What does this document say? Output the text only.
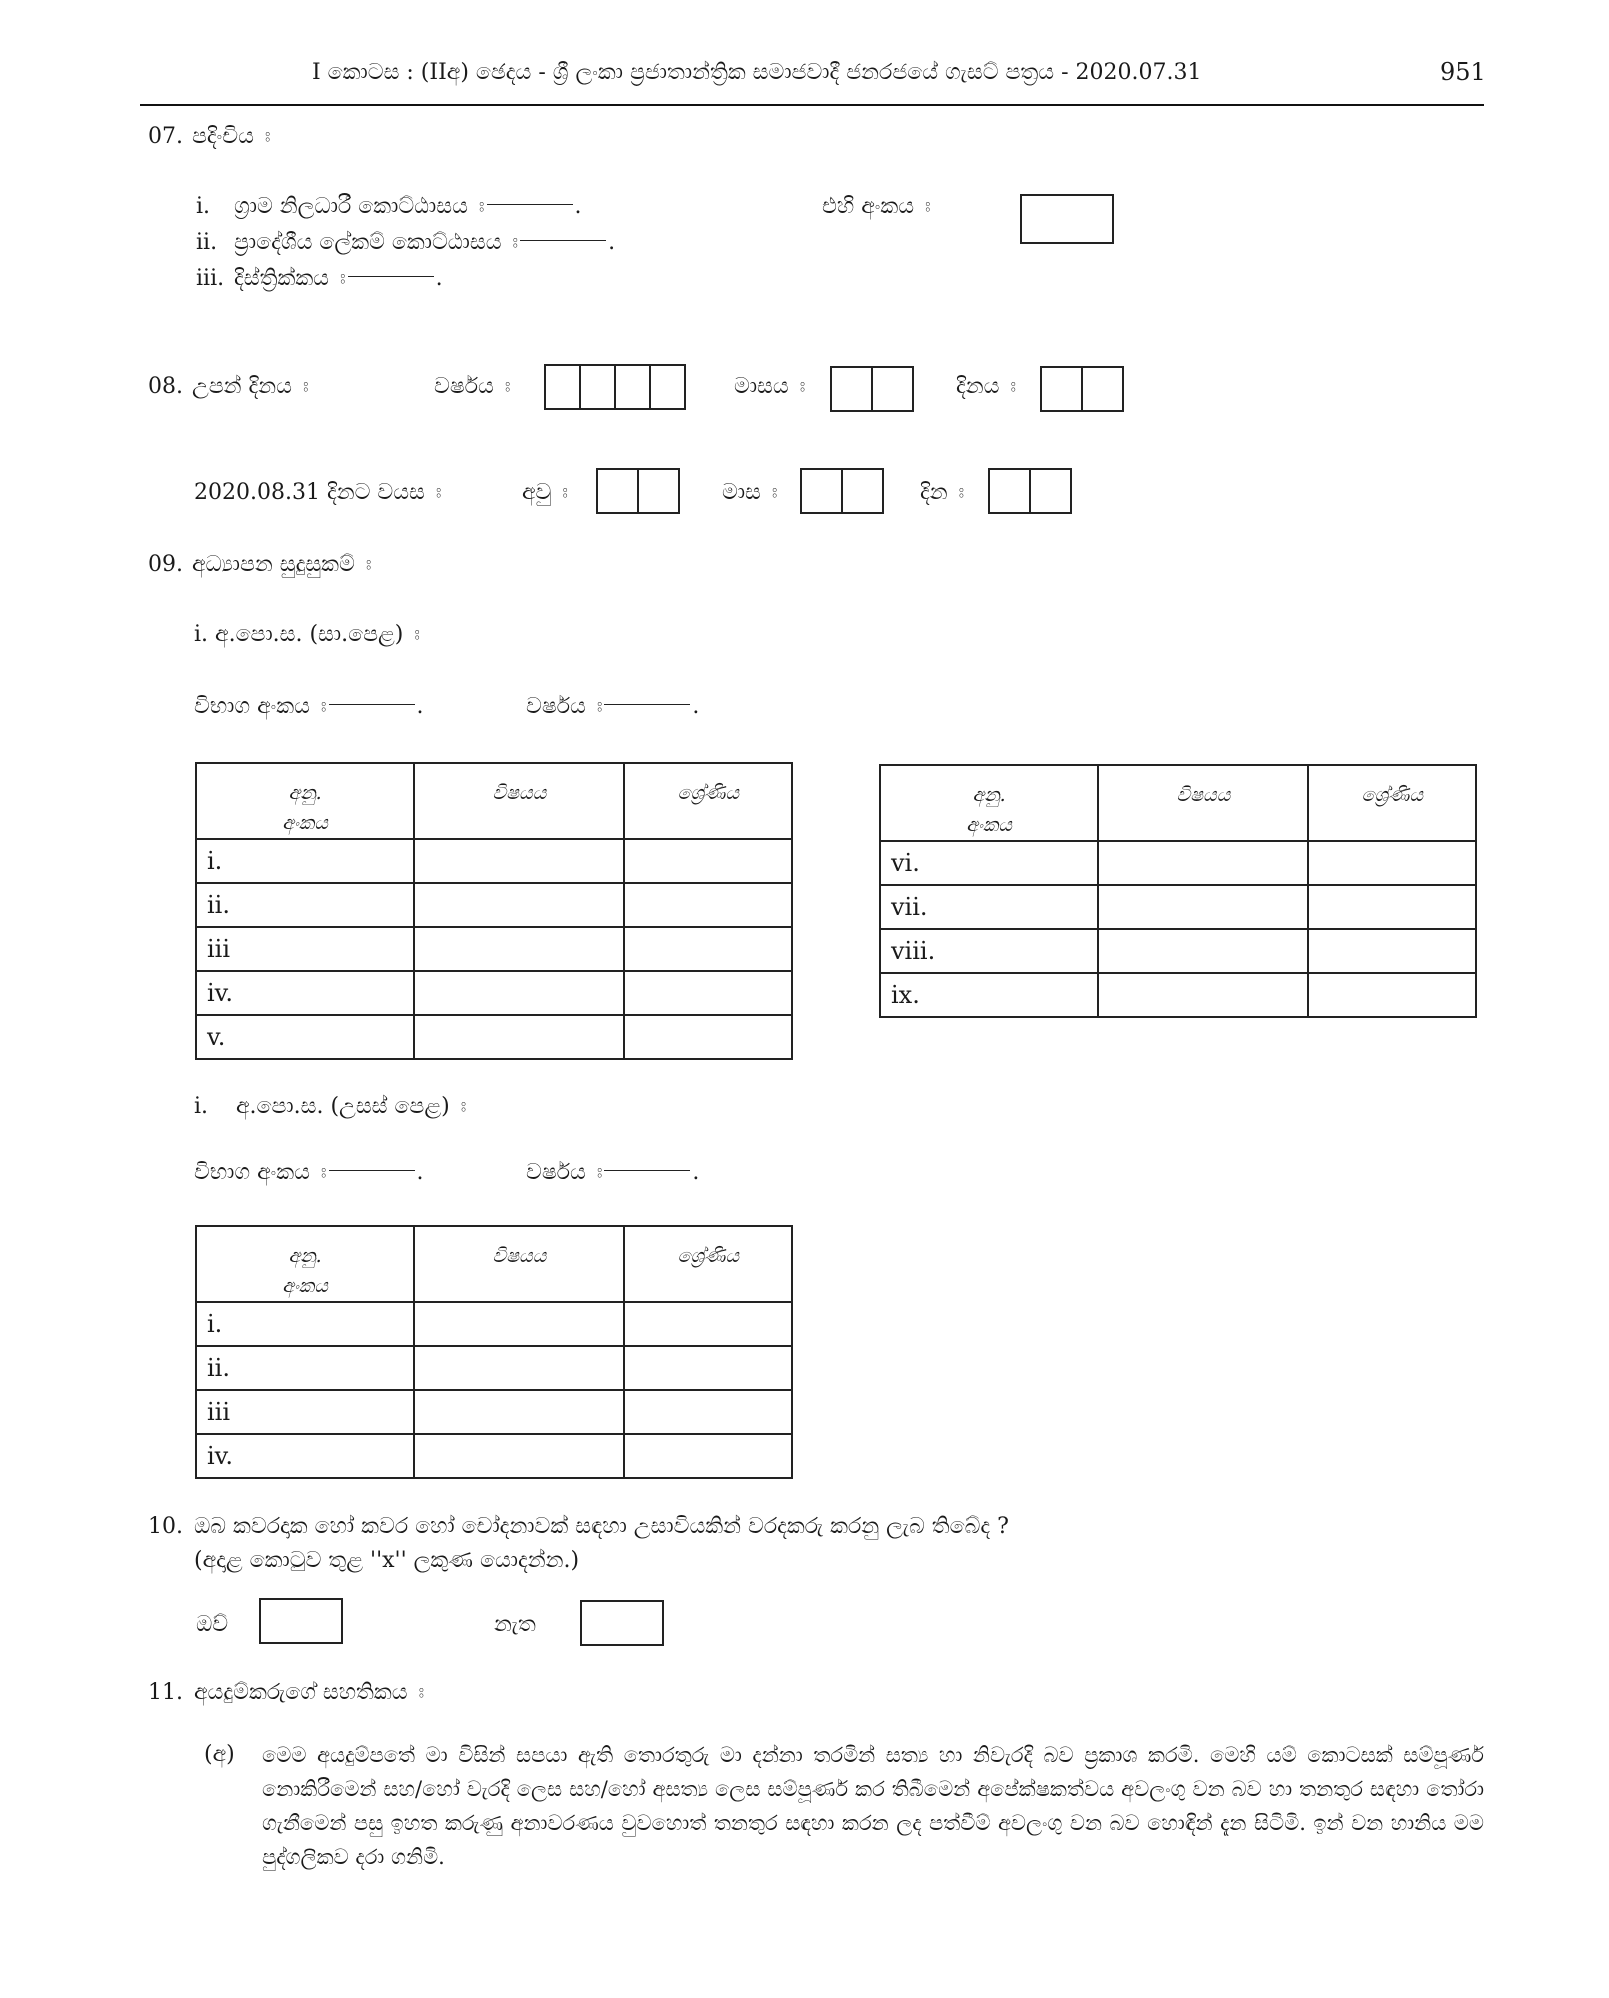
I කොටස : (IIඅ) ඡෙදය - ශ්‍රී ලංකා ප්‍රජාතාන්ත්‍රික සමාජවාදී ජනරජයේ ගැසට් පත්‍රය - 2020.07.31	951
07. පදිංචිය ඃ
i. ග්‍රාම නිලධාරී කොට්ඨාසය ඃ	.
ii. ප්‍රාදේශීය ලේකම් කොට්ඨාසය ඃ	.
iii. දිස්ත්‍රික්කය ඃ	.
එහි අංකය ඃ
08. උපන් දිනය ඃ	වර්ෂය ඃ	මාසය ඃ	දිනය ඃ
2020.08.31 දිනට වයස ඃ	අවු ඃ	මාස ඃ	දින ඃ
09. අධ්‍යාපන සුදුසුකම් ඃ
i. අ.පො.ස. (සා.පෙළ) ඃ
විභාග අංකය ඃ	.	වර්ෂය ඃ	.
අනු.
අංකය	විෂයය	ශ්‍රේණිය
i.		
ii.		
iii		
iv.		
v.		
අනු.
අංකය	විෂයය	ශ්‍රේණිය
vi.		
vii.		
viii.		
ix.		
i. අ.පො.ස. (උසස් පෙළ) ඃ
විභාග අංකය ඃ	.	වර්ෂය ඃ	.
අනු.
අංකය	විෂයය	ශ්‍රේණිය
i.		
ii.		
iii		
iv.		
10. ඔබ කවරදාක හෝ කවර හෝ චෝදනාවක් සඳහා උසාවියකින් වරදකරු කරනු ලැබ තිබේද ?
(අදාළ කොටුව තුළ ''x'' ලකුණ යොදන්න.)
ඔව්	නැත
11. අයදුම්කරුගේ සහතිකය ඃ
(අ) මෙම අයදුම්පතේ මා විසින් සපයා ඇති තොරතුරු මා දන්නා තරමින් සත්‍ය හා නිවැරදි බව ප්‍රකාශ කරමි. මෙහි යම් කොටසක් සම්පූර්ණ නොකිරීමෙන් සහ/හෝ වැරදි ලෙස සහ/හෝ අසත්‍ය ලෙස සම්පූර්ණ කර තිබීමෙන් අපේක්ෂකත්වය අවලංගු වන බව හා තනතුර සඳහා තෝරා ගැනීමෙන් පසු ඉහත කරුණු අනාවරණය වුවහොත් තනතුර සඳහා කරන ලද පත්වීම් අවලංගු වන බව හොඳින් දැන සිටිමි. ඉන් වන හානිය මම පුද්ගලිකව දරා ගනිමි.
